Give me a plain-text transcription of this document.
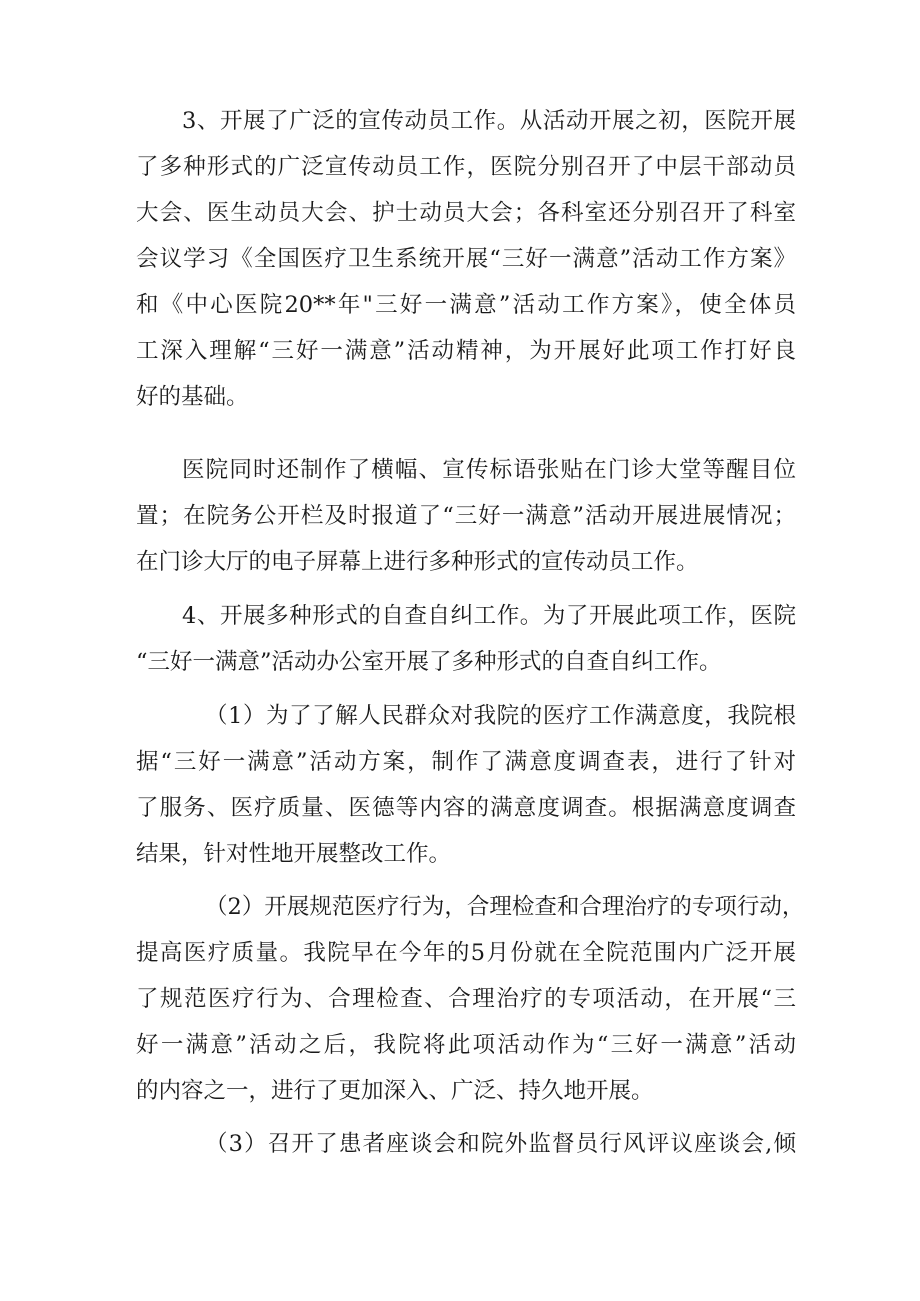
3、开展了广泛的宣传动员工作。从活动开展之初，医院开展
了多种形式的广泛宣传动员工作，医院分别召开了中层干部动员
大会、医生动员大会、护士动员大会；各科室还分别召开了科室
会议学习《全国医疗卫生系统开展“三好一满意”活动工作方案》
和《中心医院20**年"三好一满意”活动工作方案》，使全体员
工深入理解“三好一满意”活动精神，为开展好此项工作打好良
好的基础。
医院同时还制作了横幅、宣传标语张贴在门诊大堂等醒目位
置；在院务公开栏及时报道了“三好一满意”活动开展进展情况；
在门诊大厅的电子屏幕上进行多种形式的宣传动员工作。
4、开展多种形式的自查自纠工作。为了开展此项工作，医院
“三好一满意”活动办公室开展了多种形式的自查自纠工作。
（1）为了了解人民群众对我院的医疗工作满意度，我院根
据“三好一满意”活动方案，制作了满意度调查表，进行了针对
了服务、医疗质量、医德等内容的满意度调查。根据满意度调查
结果，针对性地开展整改工作。
（2）开展规范医疗行为，合理检查和合理治疗的专项行动，
提高医疗质量。我院早在今年的5月份就在全院范围内广泛开展
了规范医疗行为、合理检查、合理治疗的专项活动，在开展“三
好一满意”活动之后，我院将此项活动作为“三好一满意”活动
的内容之一，进行了更加深入、广泛、持久地开展。
（3）召开了患者座谈会和院外监督员行风评议座谈会,倾
